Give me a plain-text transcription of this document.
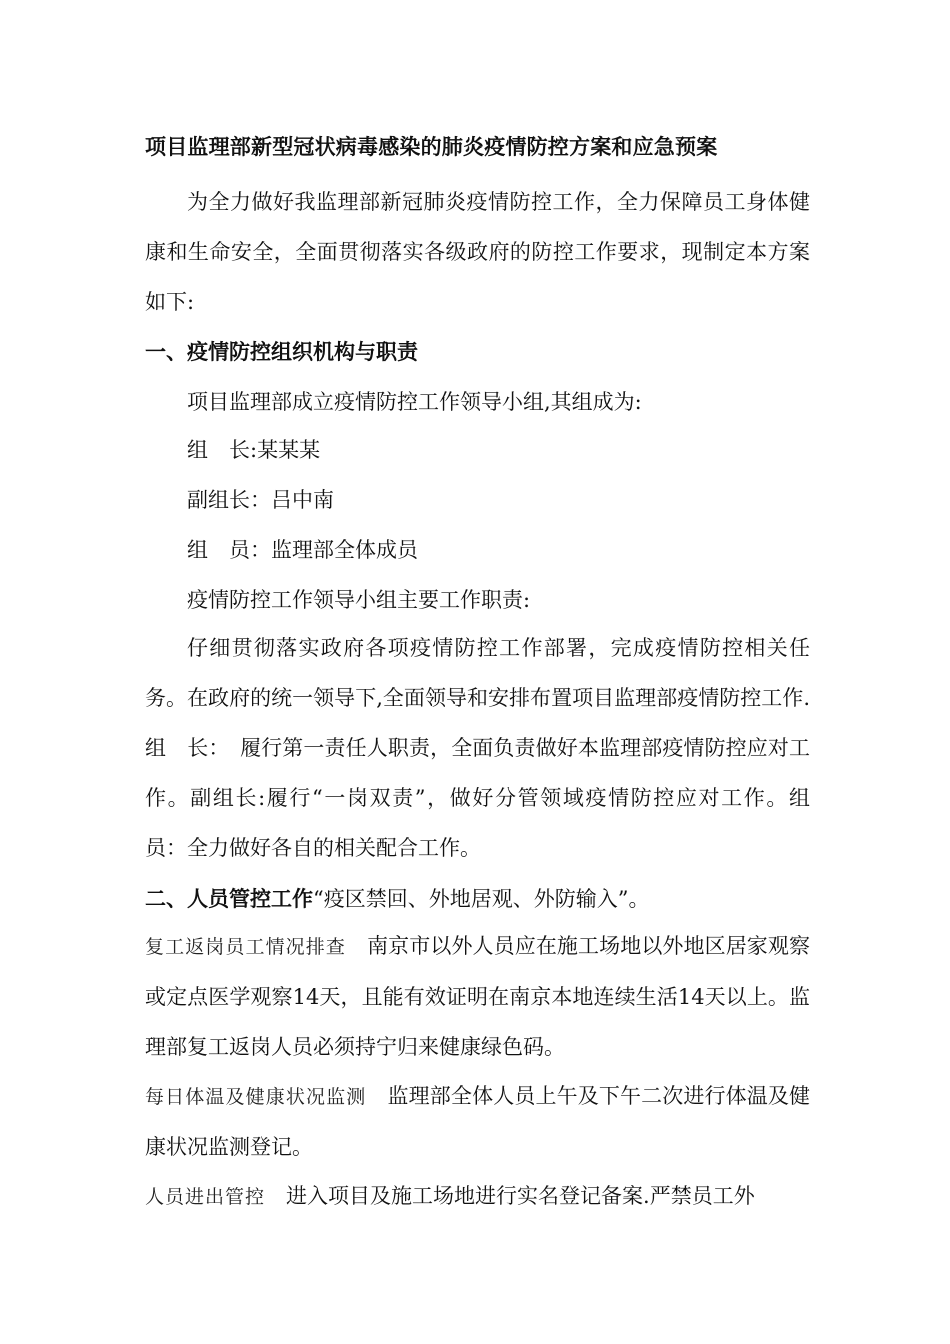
项目监理部新型冠状病毒感染的肺炎疫情防控方案和应急预案
为全力做好我监理部新冠肺炎疫情防控工作，全力保障员工身体健康和生命安全，全面贯彻落实各级政府的防控工作要求，现制定本方案如下:
一、疫情防控组织机构与职责
项目监理部成立疫情防控工作领导小组,其组成为:
组　长:某某某
副组长：吕中南
组　员：监理部全体成员
疫情防控工作领导小组主要工作职责:
仔细贯彻落实政府各项疫情防控工作部署，完成疫情防控相关任务。在政府的统一领导下,全面领导和安排布置项目监理部疫情防控工作.组　长：　履行第一责任人职责，全面负责做好本监理部疫情防控应对工作。副组长:履行“一岗双责”，做好分管领域疫情防控应对工作。组　员：全力做好各自的相关配合工作。
二、人员管控工作“疫区禁回、外地居观、外防输入”。
复工返岗员工情况排查　南京市以外人员应在施工场地以外地区居家观察或定点医学观察14天，且能有效证明在南京本地连续生活14天以上。监理部复工返岗人员必须持宁归来健康绿色码。
每日体温及健康状况监测　监理部全体人员上午及下午二次进行体温及健康状况监测登记。
人员进出管控　进入项目及施工场地进行实名登记备案.严禁员工外
